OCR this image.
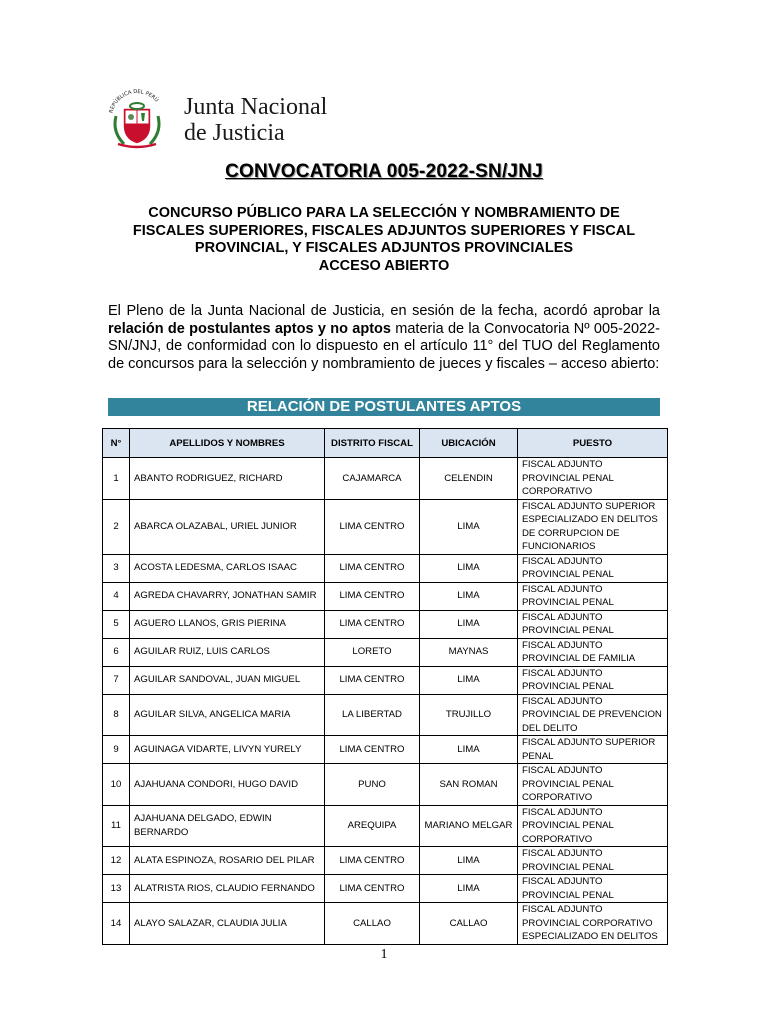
REPÚBLICA DEL PERÚ Junta Nacional
de Justicia
CONVOCATORIA 005-2022-SN/JNJ
CONCURSO PÚBLICO PARA LA SELECCIÓN Y NOMBRAMIENTO DE
FISCALES SUPERIORES, FISCALES ADJUNTOS SUPERIORES Y FISCAL
PROVINCIAL, Y FISCALES ADJUNTOS PROVINCIALES
ACCESO ABIERTO
El Pleno de la Junta Nacional de Justicia, en sesión de la fecha, acordó aprobar la relación de postulantes aptos y no aptos materia de la Convocatoria Nº 005-2022-SN/JNJ, de conformidad con lo dispuesto en el artículo 11° del TUO del Reglamento de concursos para la selección y nombramiento de jueces y fiscales – acceso abierto:
RELACIÓN DE POSTULANTES APTOS
N°	APELLIDOS Y NOMBRES	DISTRITO FISCAL	UBICACIÓN	PUESTO
1	ABANTO RODRIGUEZ, RICHARD	CAJAMARCA	CELENDIN	FISCAL ADJUNTO PROVINCIAL PENAL CORPORATIVO
2	ABARCA OLAZABAL, URIEL JUNIOR	LIMA CENTRO	LIMA	FISCAL ADJUNTO SUPERIOR ESPECIALIZADO EN DELITOS DE CORRUPCION DE FUNCIONARIOS
3	ACOSTA LEDESMA, CARLOS ISAAC	LIMA CENTRO	LIMA	FISCAL ADJUNTO PROVINCIAL PENAL
4	AGREDA CHAVARRY, JONATHAN SAMIR	LIMA CENTRO	LIMA	FISCAL ADJUNTO PROVINCIAL PENAL
5	AGUERO LLANOS, GRIS PIERINA	LIMA CENTRO	LIMA	FISCAL ADJUNTO PROVINCIAL PENAL
6	AGUILAR RUIZ, LUIS CARLOS	LORETO	MAYNAS	FISCAL ADJUNTO PROVINCIAL DE FAMILIA
7	AGUILAR SANDOVAL, JUAN MIGUEL	LIMA CENTRO	LIMA	FISCAL ADJUNTO PROVINCIAL PENAL
8	AGUILAR SILVA, ANGELICA MARIA	LA LIBERTAD	TRUJILLO	FISCAL ADJUNTO PROVINCIAL DE PREVENCION DEL DELITO
9	AGUINAGA VIDARTE, LIVYN YURELY	LIMA CENTRO	LIMA	FISCAL ADJUNTO SUPERIOR PENAL
10	AJAHUANA CONDORI, HUGO DAVID	PUNO	SAN ROMAN	FISCAL ADJUNTO PROVINCIAL PENAL CORPORATIVO
11	AJAHUANA DELGADO, EDWIN BERNARDO	AREQUIPA	MARIANO MELGAR	FISCAL ADJUNTO PROVINCIAL PENAL CORPORATIVO
12	ALATA ESPINOZA, ROSARIO DEL PILAR	LIMA CENTRO	LIMA	FISCAL ADJUNTO PROVINCIAL PENAL
13	ALATRISTA RIOS, CLAUDIO FERNANDO	LIMA CENTRO	LIMA	FISCAL ADJUNTO PROVINCIAL PENAL
14	ALAYO SALAZAR, CLAUDIA JULIA	CALLAO	CALLAO	FISCAL ADJUNTO PROVINCIAL CORPORATIVO ESPECIALIZADO EN DELITOS
1
